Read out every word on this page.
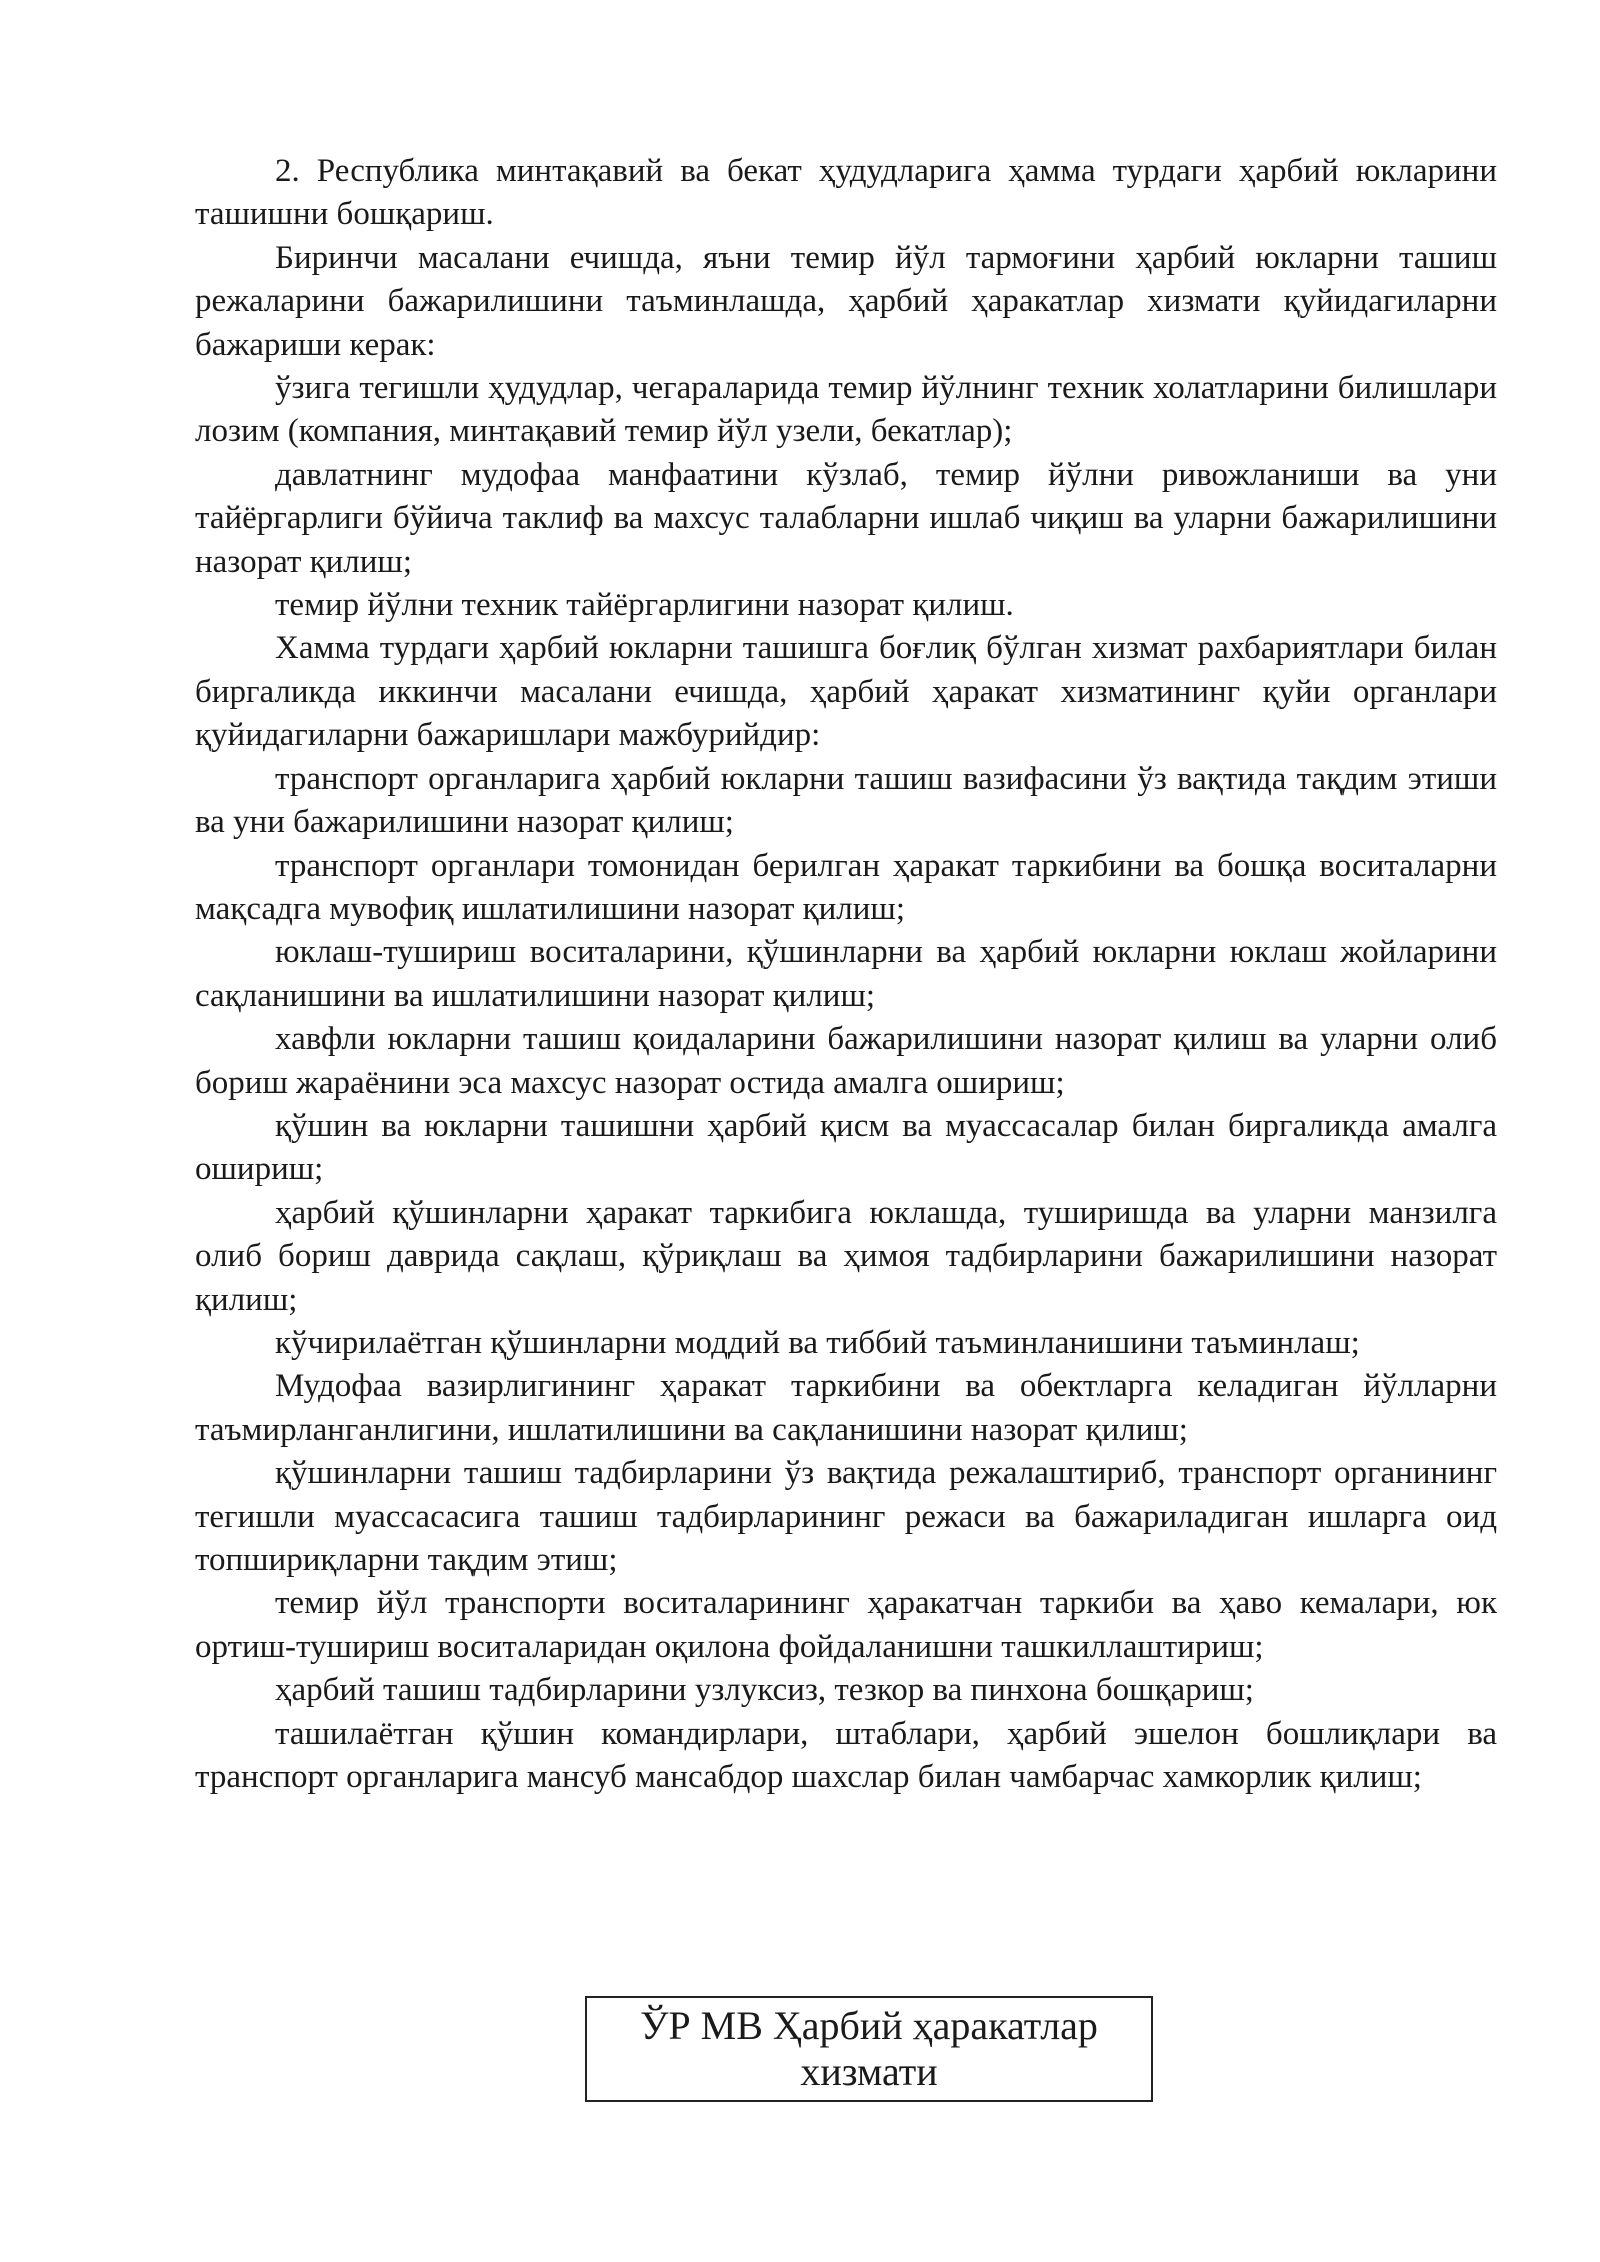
2. Республика минтақавий ва бекат ҳудудларига ҳамма турдаги ҳарбий юкларини ташишни бошқариш.

Биринчи масалани ечишда, яъни темир йўл тармоғини ҳарбий юкларни ташиш режаларини бажарилишини таъминлашда, ҳарбий ҳаракатлар хизмати қуйидагиларни бажариши керак:

ўзига тегишли ҳудудлар, чегараларида темир йўлнинг техник холатларини билишлари лозим (компания, минтақавий темир йўл узели, бекатлар);

давлатнинг мудофаа манфаатини кўзлаб, темир йўлни ривожланиши ва уни тайёргарлиги бўйича таклиф ва махсус талабларни ишлаб чиқиш ва уларни бажарилишини назорат қилиш;

темир йўлни техник тайёргарлигини назорат қилиш.

Хамма турдаги ҳарбий юкларни ташишга боғлиқ бўлган хизмат рахбариятлари билан биргаликда иккинчи масалани ечишда, ҳарбий ҳаракат хизматининг қуйи органлари қуйидагиларни бажаришлари мажбурийдир:

транспорт органларига ҳарбий юкларни ташиш вазифасини ўз вақтида тақдим этиши ва уни бажарилишини назорат қилиш;

транспорт органлари томонидан берилган ҳаракат таркибини ва бошқа воситаларни мақсадга мувофиқ ишлатилишини назорат қилиш;

юклаш-тушириш воситаларини, қўшинларни ва ҳарбий юкларни юклаш жойларини сақланишини ва ишлатилишини назорат қилиш;

хавфли юкларни ташиш қоидаларини бажарилишини назорат қилиш ва уларни олиб бориш жараёнини эса махсус назорат остида амалга ошириш;

қўшин ва юкларни ташишни ҳарбий қисм ва муассасалар билан биргаликда амалга ошириш;

ҳарбий қўшинларни ҳаракат таркибига юклашда, туширишда ва уларни манзилга олиб бориш даврида сақлаш, қўриқлаш ва ҳимоя тадбирларини бажарилишини назорат қилиш;

кўчирилаётган қўшинларни моддий ва тиббий таъминланишини таъминлаш;

Мудофаа вазирлигининг ҳаракат таркибини ва обектларга келадиган йўлларни таъмирланганлигини, ишлатилишини ва сақланишини назорат қилиш;

қўшинларни ташиш тадбирларини ўз вақтида режалаштириб, транспорт органининг тегишли муассасасига ташиш тадбирларининг режаси ва бажариладиган ишларга оид топшириқларни тақдим этиш;

темир йўл транспорти воситаларининг ҳаракатчан таркиби ва ҳаво кемалари, юк ортиш-тушириш воситаларидан оқилона фойдаланишни ташкиллаштириш;

ҳарбий ташиш тадбирларини узлуксиз, тезкор ва пинхона бошқариш;

ташилаётган қўшин командирлари, штаблари, ҳарбий эшелон бошлиқлари ва транспорт органларига мансуб мансабдор шахслар билан чамбарчас хамкорлик қилиш;

ЎР МВ Ҳарбий ҳаракатлар
хизмати
